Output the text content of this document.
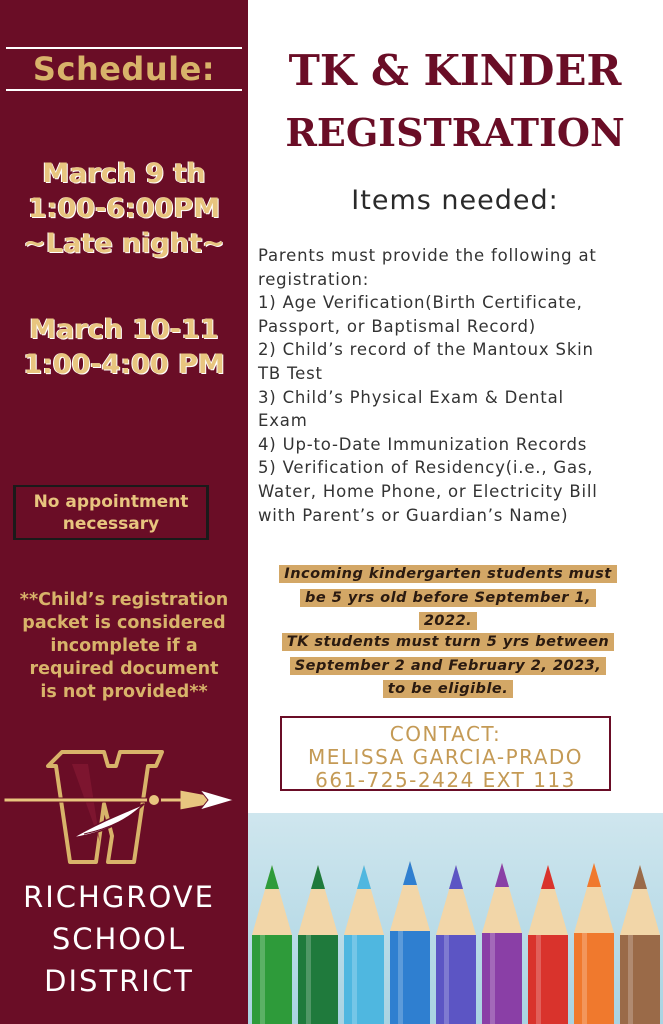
Schedule:
March 9 th
1:00-6:00PM
~Late night~
March 10-11
1:00-4:00 PM
No appointment
necessary
**Child’s registration
packet is considered
incomplete if a
required document
is not provided**
RICHGROVE
SCHOOL
DISTRICT
TK & KINDER
REGISTRATION
Items needed:
Parents must provide the following at
registration:
1) Age Verification(Birth Certificate,
Passport, or Baptismal Record)
2) Child’s record of the Mantoux Skin
TB Test
3) Child’s Physical Exam & Dental
Exam
4) Up-to-Date Immunization Records
5) Verification of Residency(i.e., Gas,
Water, Home Phone, or Electricity Bill
with Parent’s or Guardian’s Name)
Incoming kindergarten students must
be 5 yrs old before September 1,
2022.
TK students must turn 5 yrs between
September 2 and February 2, 2023,
to be eligible.
CONTACT:
MELISSA GARCIA-PRADO
661-725-2424 EXT 113
